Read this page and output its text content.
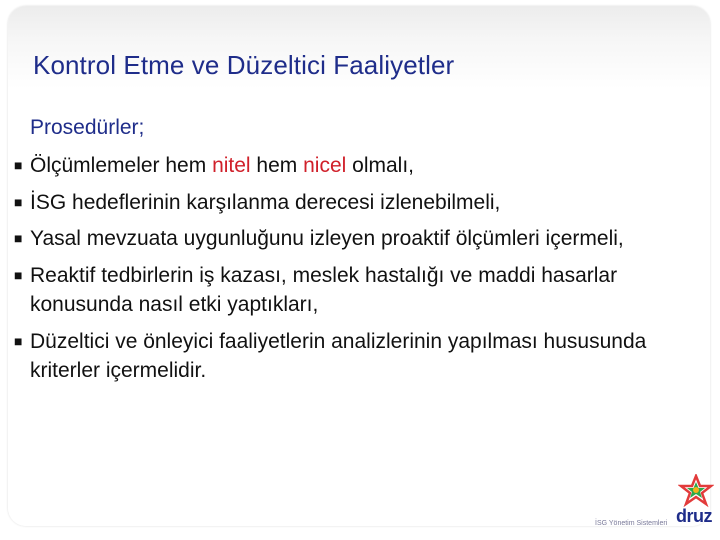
Kontrol Etme ve Düzeltici Faaliyetler
Prosedürler;
■ Ölçümlemeler hem nitel hem nicel olmalı,
■ İSG hedeflerinin karşılanma derecesi izlenebilmeli,
■ Yasal mevzuata uygunluğunu izleyen proaktif ölçümleri içermeli,
■ Reaktif tedbirlerin iş kazası, meslek hastalığı ve maddi hasarlar konusunda nasıl etki yaptıkları,
■ Düzeltici ve önleyici faaliyetlerin analizlerinin yapılması hususunda kriterler içermelidir.
İSG Yönetim Sistemleri druz
